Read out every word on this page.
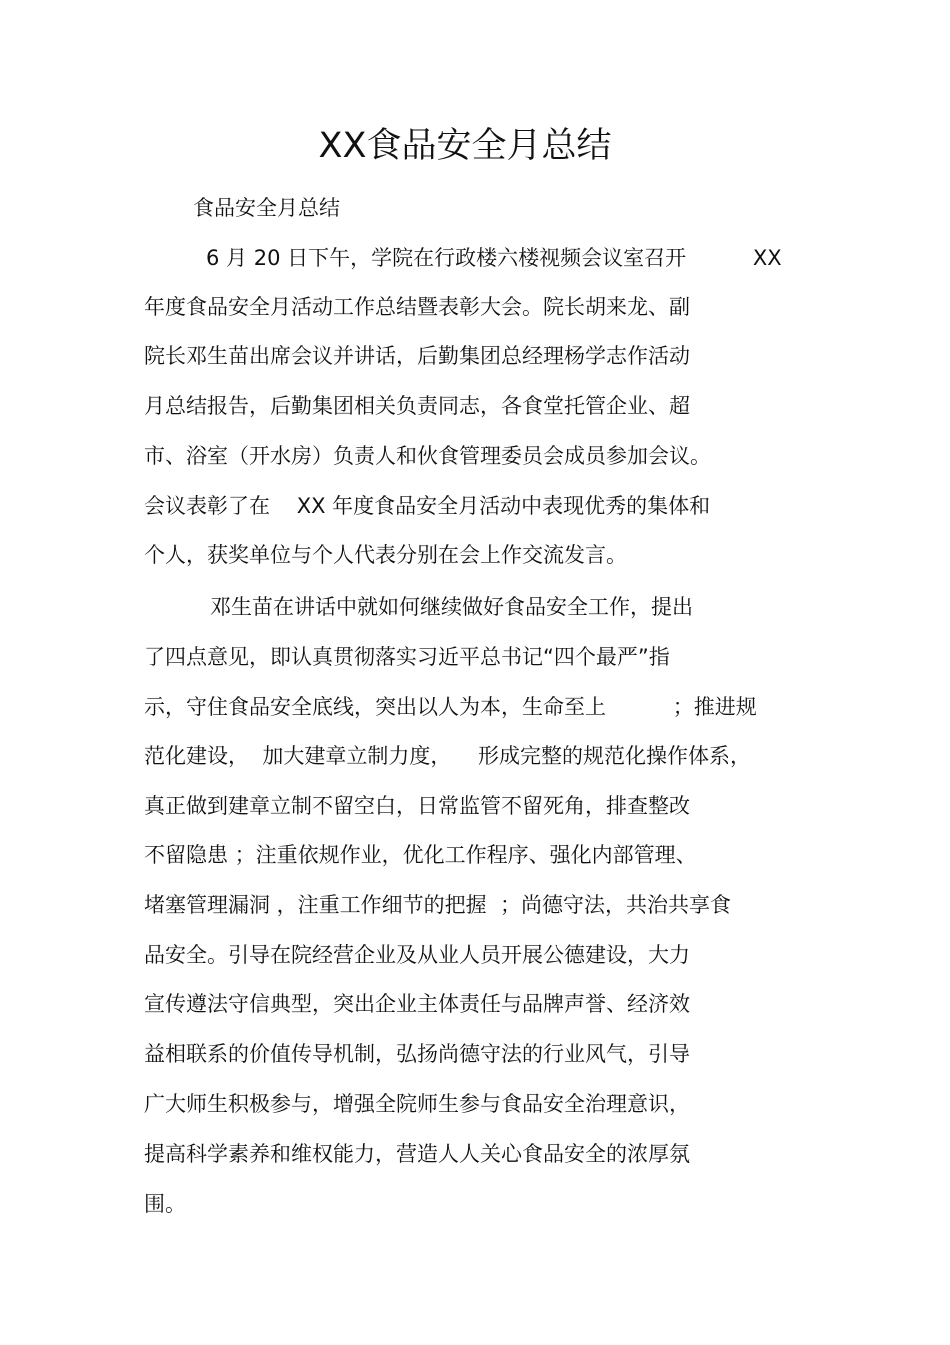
XX食品安全月总结

食品安全月总结

6 月 20 日下午，学院在行政楼六楼视频会议室召开          XX

年度食品安全月活动工作总结暨表彰大会。院长胡来龙、副

院长邓生苗出席会议并讲话，后勤集团总经理杨学志作活动

月总结报告，后勤集团相关负责同志，各食堂托管企业、超

市、浴室（开水房）负责人和伙食管理委员会成员参加会议。

会议表彰了在    XX 年度食品安全月活动中表现优秀的集体和

个人，获奖单位与个人代表分别在会上作交流发言。

邓生苗在讲话中就如何继续做好食品安全工作，提出

了四点意见，即认真贯彻落实习近平总书记“四个最严”指

示，守住食品安全底线，突出以人为本，生命至上          ；推进规

范化建设，  加大建章立制力度，    形成完整的规范化操作体系，

真正做到建章立制不留空白，日常监管不留死角，排查整改

不留隐患 ；注重依规作业，优化工作程序、强化内部管理、

堵塞管理漏洞 ，注重工作细节的把握  ；尚德守法，共治共享食

品安全。引导在院经营企业及从业人员开展公德建设，大力

宣传遵法守信典型，突出企业主体责任与品牌声誉、经济效

益相联系的价值传导机制，弘扬尚德守法的行业风气，引导

广大师生积极参与，增强全院师生参与食品安全治理意识，

提高科学素养和维权能力，营造人人关心食品安全的浓厚氛

围。
